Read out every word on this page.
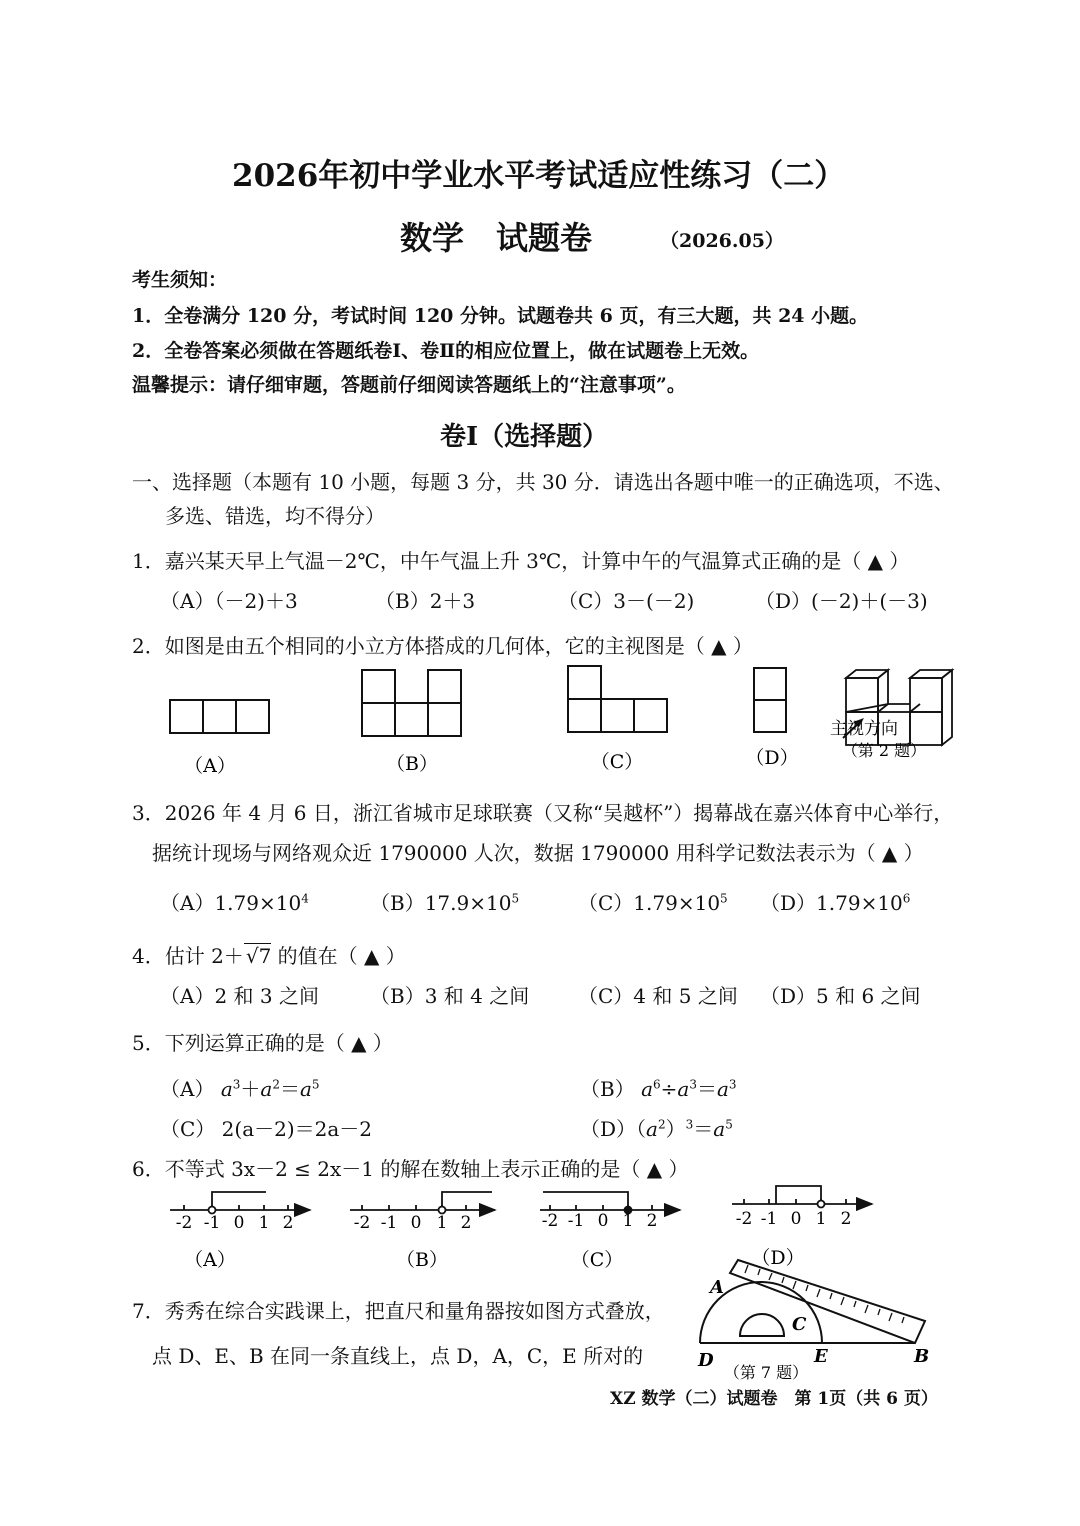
2026年初中学业水平考试适应性练习（二）
数学　试题卷	（2026.05）
考生须知：
1．全卷满分 120 分，考试时间 120 分钟。试题卷共 6 页，有三大题，共 24 小题。
2．全卷答案必须做在答题纸卷Ⅰ、卷Ⅱ的相应位置上，做在试题卷上无效。
温馨提示：请仔细审题，答题前仔细阅读答题纸上的“注意事项”。
卷Ⅰ（选择题）
一、选择题（本题有 10 小题，每题 3 分，共 30 分．请选出各题中唯一的正确选项，不选、
多选、错选，均不得分）
1．嘉兴某天早上气温－2℃，中午气温上升 3℃，计算中午的气温算式正确的是（ ▲ ）
（A）（－2)＋3	（B）2＋3	（C）3－(－2)	（D）(－2)＋(－3)
2．如图是由五个相同的小立方体搭成的几何体，它的主视图是（ ▲ ）
（A）	（B）	（C）	（D）
主视方向
（第 2 题）
3．2026 年 4 月 6 日，浙江省城市足球联赛（又称“吴越杯”）揭幕战在嘉兴体育中心举行，
据统计现场与网络观众近 1790000 人次，数据 1790000 用科学记数法表示为（ ▲ ）
$(A)1.79\times 10^4$	$(B)17.9\times 10^5$	$(C)1.79\times 10^5$ $(D)1.79\times 10^6$
4．估计 2＋ √7 的值在（ ▲ ）
（A）2 和 3 之间	（B）3 和 4 之间 （C）4 和 5 之间 （D）5 和 6 之间
5．下列运算正确的是（ ▲ ）
（A） $a^3+a^2=a^5$	（B） $a^6\div a^3=a^3$
（C） 2(a－2)＝2a－2	$(D)(a^2)^3=a^5$
6．不等式 3x－2 ≤ 2x－1 的解在数轴上表示正确的是（ ▲ ）
-2 -1 0 1 2	-2 -1 0 1 2	-2 -1 0 1 2	-2 -1 0 1 2
（A）	（B）	（C）	（D）
7．秀秀在综合实践课上，把直尺和量角器按如图方式叠放，
点 D、E、B 在同一条直线上，点 D，A，C，E 所对的
A
C
D	E	B
（第 7 题）
XZ 数学（二）试题卷　第 1页（共 6 页）
